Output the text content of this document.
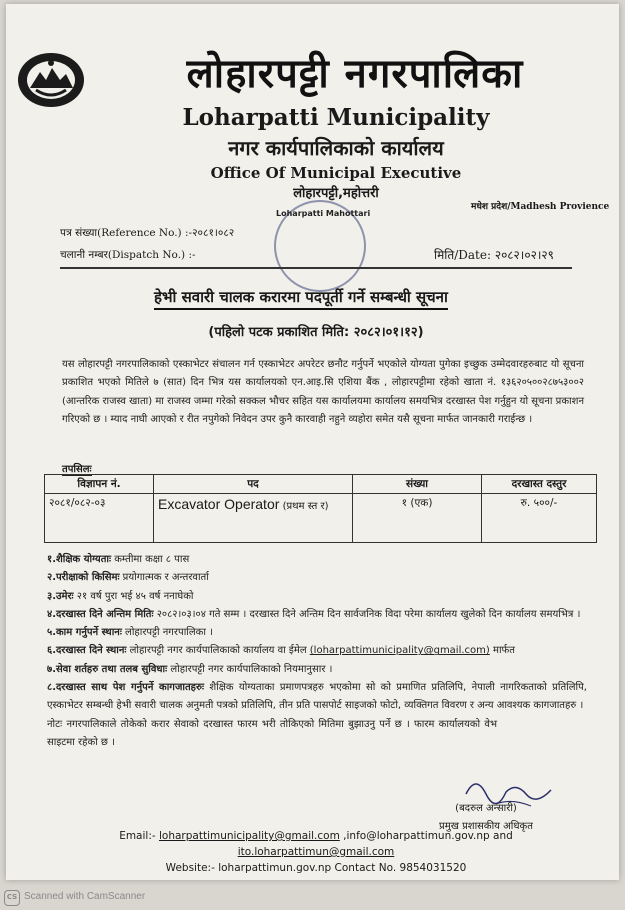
लोहारपट्टी नगरपालिका
Loharpatti Municipality
नगर कार्यपालिकाको कार्यालय
Office Of Municipal Executive
लोहारपट्टी,महोत्तरी
मधेश प्रदेश/Madhesh Provience
Loharpatti Mahottari
पत्र संख्या(Reference No.) :-२०८१।०८२
चलानी नम्बर(Dispatch No.) :-	मिति/Date: २०८२।०२।२९
हेभी सवारी चालक करारमा पदपूर्ती गर्ने सम्बन्धी सूचना
(पहिलो पटक प्रकाशित मिति: २०८२।०१।१२)
यस लोहारपट्टी नगरपालिकाको एस्काभेटर संचालन गर्न एस्काभेटर अपरेटर छनौट गर्नुपर्ने भएकोले योग्यता पुगेका इच्छुक उम्मेदवारहरुबाट यो सूचना प्रकाशित भएको मितिले ७ (सात) दिन भित्र यस कार्यालयको एन.आइ.सि एशिया बैंक , लोहारपट्टीमा रहेको खाता नं. १३६२०५००२८७५३००२ (आन्तरिक राजस्व खाता) मा राजस्व जम्मा गरेको सक्कल भौचर सहित यस कार्यालयमा कार्यालय समयभित्र दरखास्त पेश गर्नुहुन यो सूचना प्रकाशन गरिएको छ । म्याद नाघी आएको र रीत नपुगेको निवेदन उपर कुनै कारवाही नहुने व्यहोरा समेत यसै सूचना मार्फत जानकारी गराईन्छ ।
तपसिलः
विज्ञापन नं.	पद	संख्या	दरखास्त दस्तुर
२०८१/०८२-०३	Excavator Operator (प्रथम स्त र)	१ (एक)	रु. ५००/-
१.शैक्षिक योग्यताः कम्तीमा कक्षा ८ पास
२.परीक्षाको किसिमः प्रयोगात्मक र अन्तरवार्ता
३.उमेरः २१ वर्ष पुरा भई ४५ वर्ष ननाघेको
४.दरखास्त दिने अन्तिम मितिः २०८२।०३।०४ गते सम्म । दरखास्त दिने अन्तिम दिन सार्वजनिक विदा परेमा कार्यालय खुलेको दिन कार्यालय समयभित्र ।
५.काम गर्नुपर्ने स्थानः लोहारपट्टी नगरपालिका ।
६.दरखास्त दिने स्थानः लोहारपट्टी नगर कार्यपालिकाको कार्यालय वा ईमेल (loharpattimunicipality@gmail.com) मार्फत
७.सेवा शर्तहरु तथा तलब सुविधाः लोहारपट्टी नगर कार्यपालिकाको नियमानुसार ।
८.दरखास्त साथ पेश गर्नुपर्ने कागजातहरुः शैक्षिक योग्यताका प्रमाणपत्रहरु भएकोमा सो को प्रमाणित प्रतिलिपि, नेपाली नागरिकताको प्रतिलिपि, एस्काभेटर सम्बन्धी हेभी सवारी चालक अनुमती पत्रको प्रतिलिपि, तीन प्रति पासपोर्ट साइजको फोटो, व्यक्तिगत विवरण र अन्य आवश्यक कागजातहरु ।
नोटः नगरपालिकाले तोकेको करार सेवाको दरखास्त फारम भरी तोकिएको मितिमा बुझाउनु पर्ने छ । फारम कार्यालयको वेभ साइटमा रहेको छ ।
(बदरुल अन्सारी)
प्रमुख प्रशासकीय अधिकृत
Email:- loharpattimunicipality@gmail.com ,info@loharpattimun.gov.np and ito.loharpattimun@gmail.com
Website:- loharpattimun.gov.np Contact No. 9854031520
CS Scanned with CamScanner
